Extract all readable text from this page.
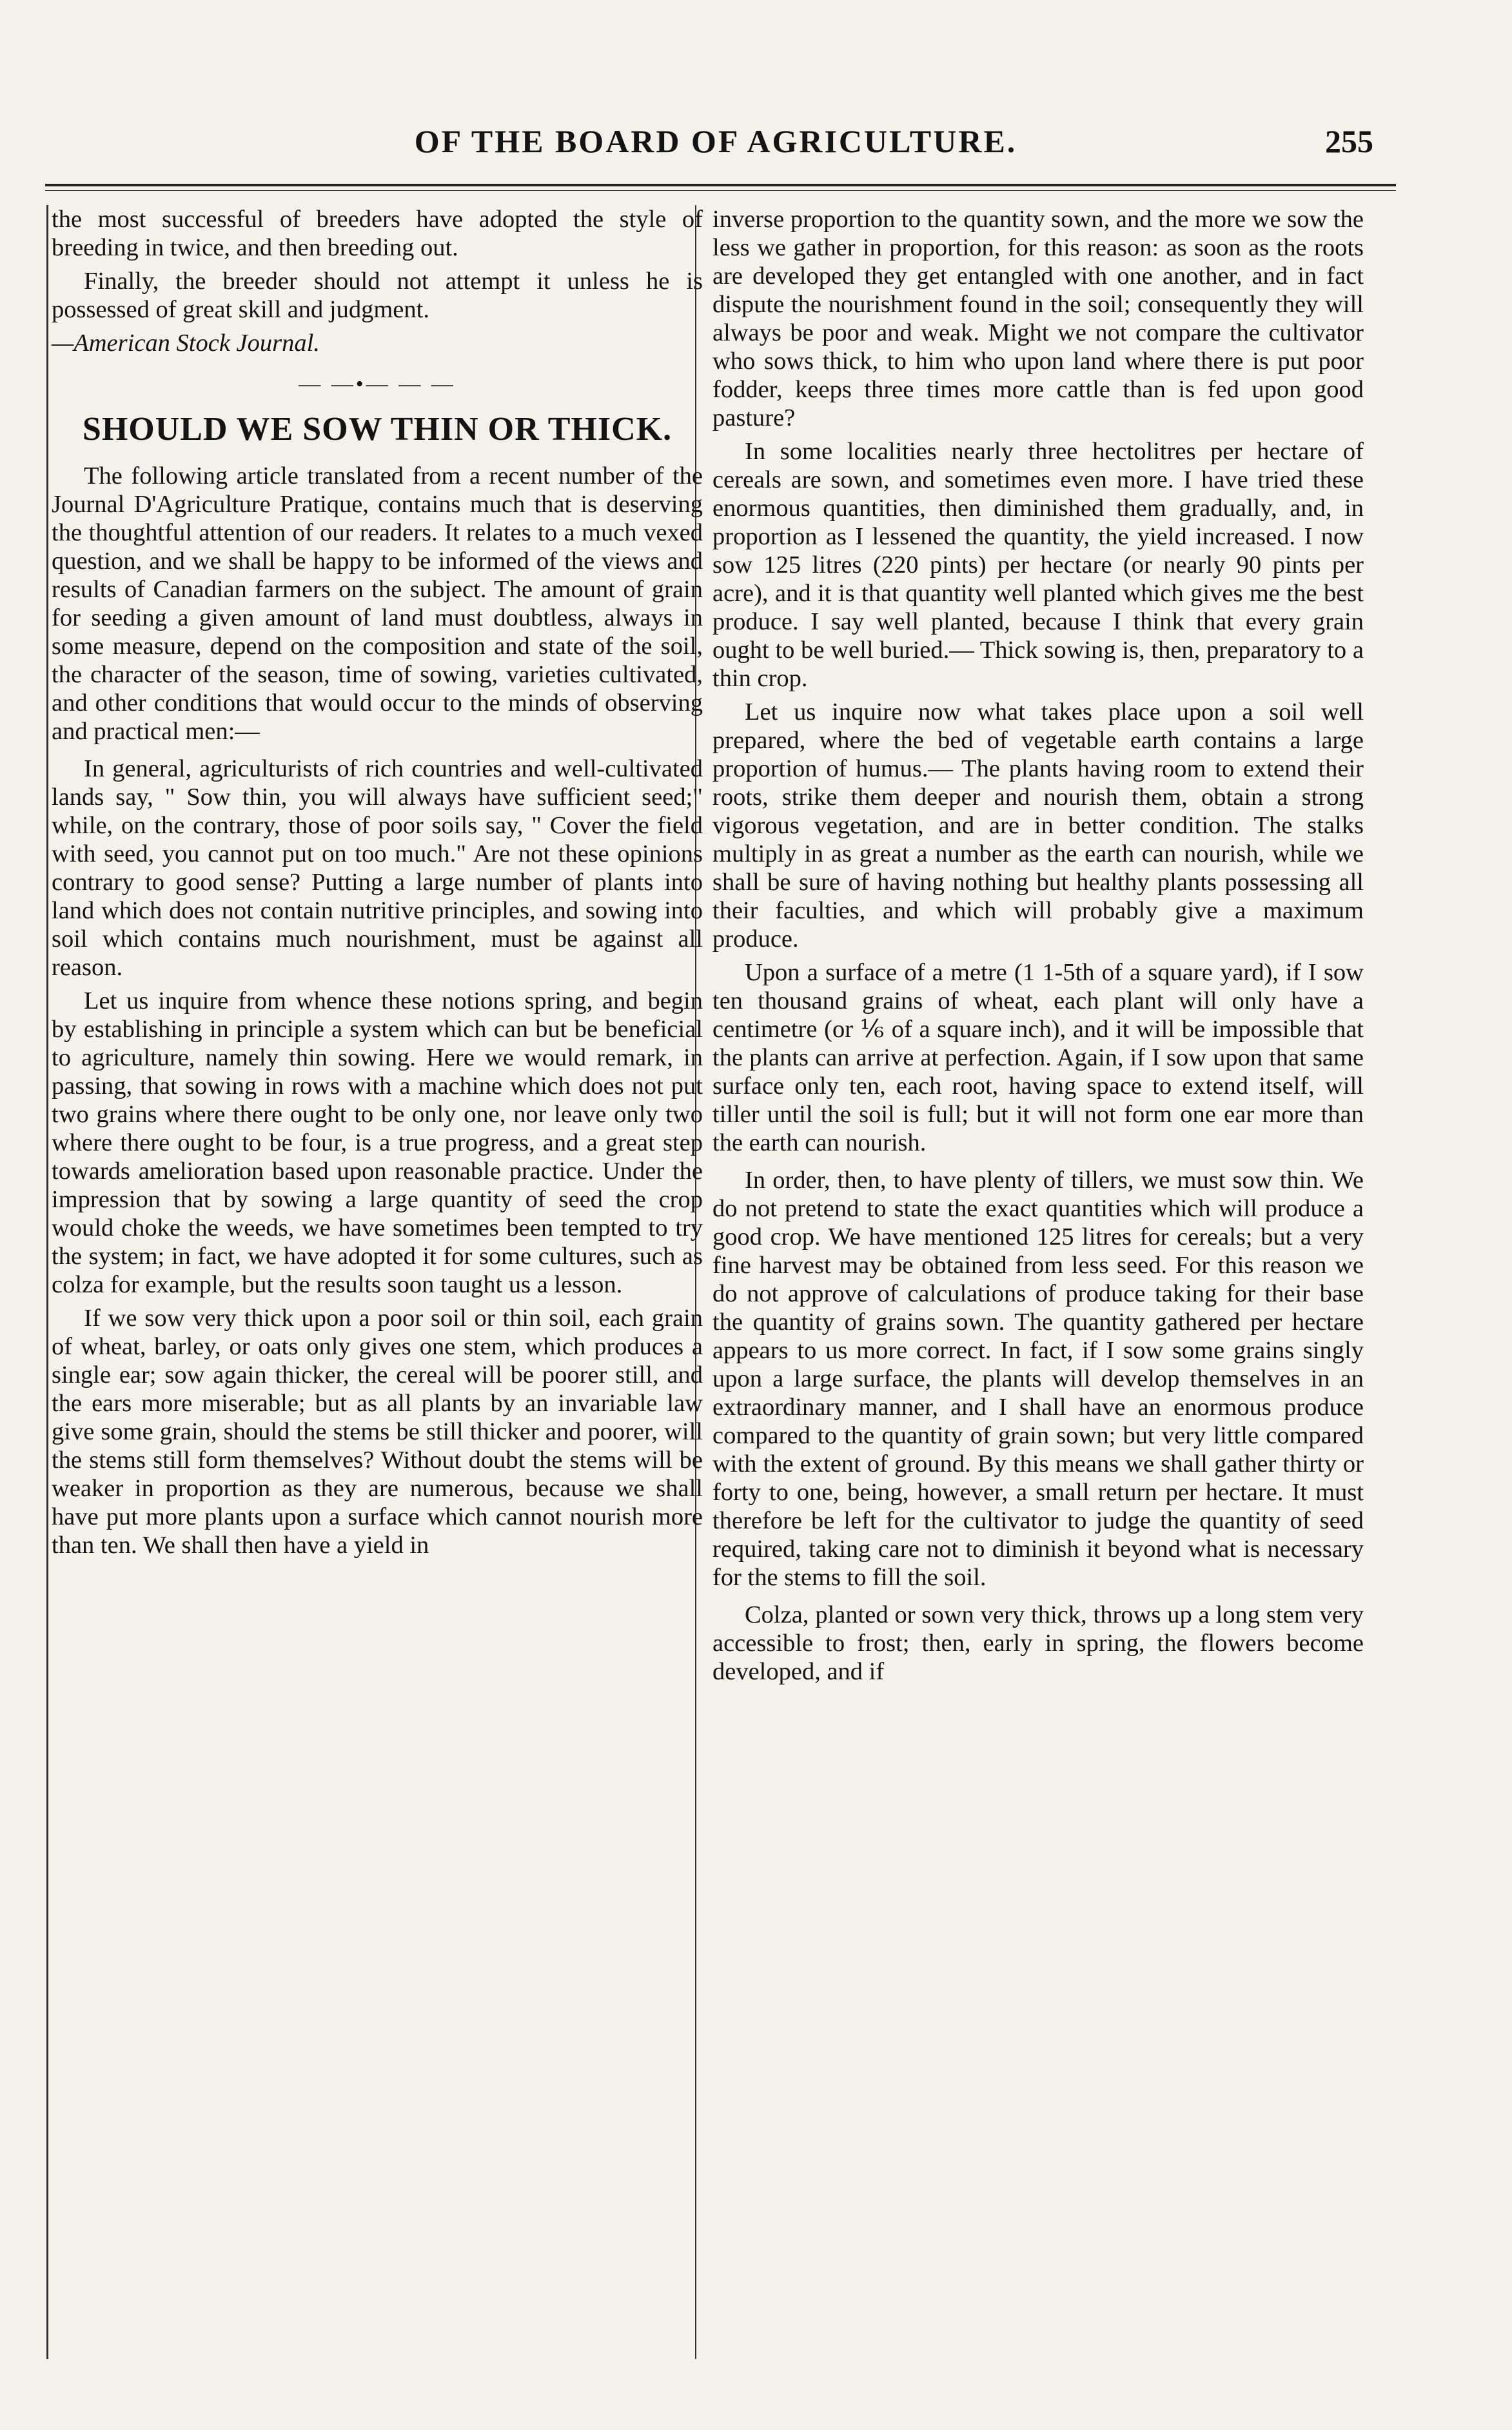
OF THE BOARD OF AGRICULTURE.	255

the most successful of breeders have adopted the style of breeding in twice, and then breeding out.

Finally, the breeder should not attempt it unless he is possessed of great skill and judgment.

—American Stock Journal.

— —•— — —
SHOULD WE SOW THIN OR THICK.

The following article translated from a recent number of the Journal D'Agriculture Pratique, contains much that is deserving the thoughtful attention of our readers. It relates to a much vexed question, and we shall be happy to be informed of the views and results of Canadian farmers on the subject. The amount of grain for seeding a given amount of land must doubtless, always in some measure, depend on the composition and state of the soil, the character of the season, time of sowing, varieties cultivated, and other conditions that would occur to the minds of observing and practical men:—

In general, agriculturists of rich countries and well-cultivated lands say, " Sow thin, you will always have sufficient seed;" while, on the contrary, those of poor soils say, " Cover the field with seed, you cannot put on too much." Are not these opinions contrary to good sense? Putting a large number of plants into land which does not contain nutritive principles, and sowing into soil which contains much nourishment, must be against all reason.

Let us inquire from whence these notions spring, and begin by establishing in principle a system which can but be beneficial to agriculture, namely thin sowing. Here we would remark, in passing, that sowing in rows with a machine which does not put two grains where there ought to be only one, nor leave only two where there ought to be four, is a true progress, and a great step towards amelioration based upon reasonable practice. Under the impression that by sowing a large quantity of seed the crop would choke the weeds, we have sometimes been tempted to try the system; in fact, we have adopted it for some cultures, such as colza for example, but the results soon taught us a lesson.

If we sow very thick upon a poor soil or thin soil, each grain of wheat, barley, or oats only gives one stem, which produces a single ear; sow again thicker, the cereal will be poorer still, and the ears more miserable; but as all plants by an invariable law give some grain, should the stems be still thicker and poorer, will the stems still form themselves? Without doubt the stems will be weaker in proportion as they are numerous, because we shall have put more plants upon a surface which cannot nourish more than ten. We shall then have a yield in

inverse proportion to the quantity sown, and the more we sow the less we gather in proportion, for this reason: as soon as the roots are developed they get entangled with one another, and in fact dispute the nourishment found in the soil; consequently they will always be poor and weak. Might we not compare the cultivator who sows thick, to him who upon land where there is put poor fodder, keeps three times more cattle than is fed upon good pasture?

In some localities nearly three hectolitres per hectare of cereals are sown, and sometimes even more. I have tried these enormous quantities, then diminished them gradually, and, in proportion as I lessened the quantity, the yield increased. I now sow 125 litres (220 pints) per hectare (or nearly 90 pints per acre), and it is that quantity well planted which gives me the best produce. I say well planted, because I think that every grain ought to be well buried.— Thick sowing is, then, preparatory to a thin crop.

Let us inquire now what takes place upon a soil well prepared, where the bed of vegetable earth contains a large proportion of humus.— The plants having room to extend their roots, strike them deeper and nourish them, obtain a strong vigorous vegetation, and are in better condition. The stalks multiply in as great a number as the earth can nourish, while we shall be sure of having nothing but healthy plants possessing all their faculties, and which will probably give a maximum produce.

Upon a surface of a metre (1 1-5th of a square yard), if I sow ten thousand grains of wheat, each plant will only have a centimetre (or ⅙ of a square inch), and it will be impossible that the plants can arrive at perfection. Again, if I sow upon that same surface only ten, each root, having space to extend itself, will tiller until the soil is full; but it will not form one ear more than the earth can nourish.

In order, then, to have plenty of tillers, we must sow thin. We do not pretend to state the exact quantities which will produce a good crop. We have mentioned 125 litres for cereals; but a very fine harvest may be obtained from less seed. For this reason we do not approve of calculations of produce taking for their base the quantity of grains sown. The quantity gathered per hectare appears to us more correct. In fact, if I sow some grains singly upon a large surface, the plants will develop themselves in an extraordinary manner, and I shall have an enormous produce compared to the quantity of grain sown; but very little compared with the extent of ground. By this means we shall gather thirty or forty to one, being, however, a small return per hectare. It must therefore be left for the cultivator to judge the quantity of seed required, taking care not to diminish it beyond what is necessary for the stems to fill the soil.

Colza, planted or sown very thick, throws up a long stem very accessible to frost; then, early in spring, the flowers become developed, and if
